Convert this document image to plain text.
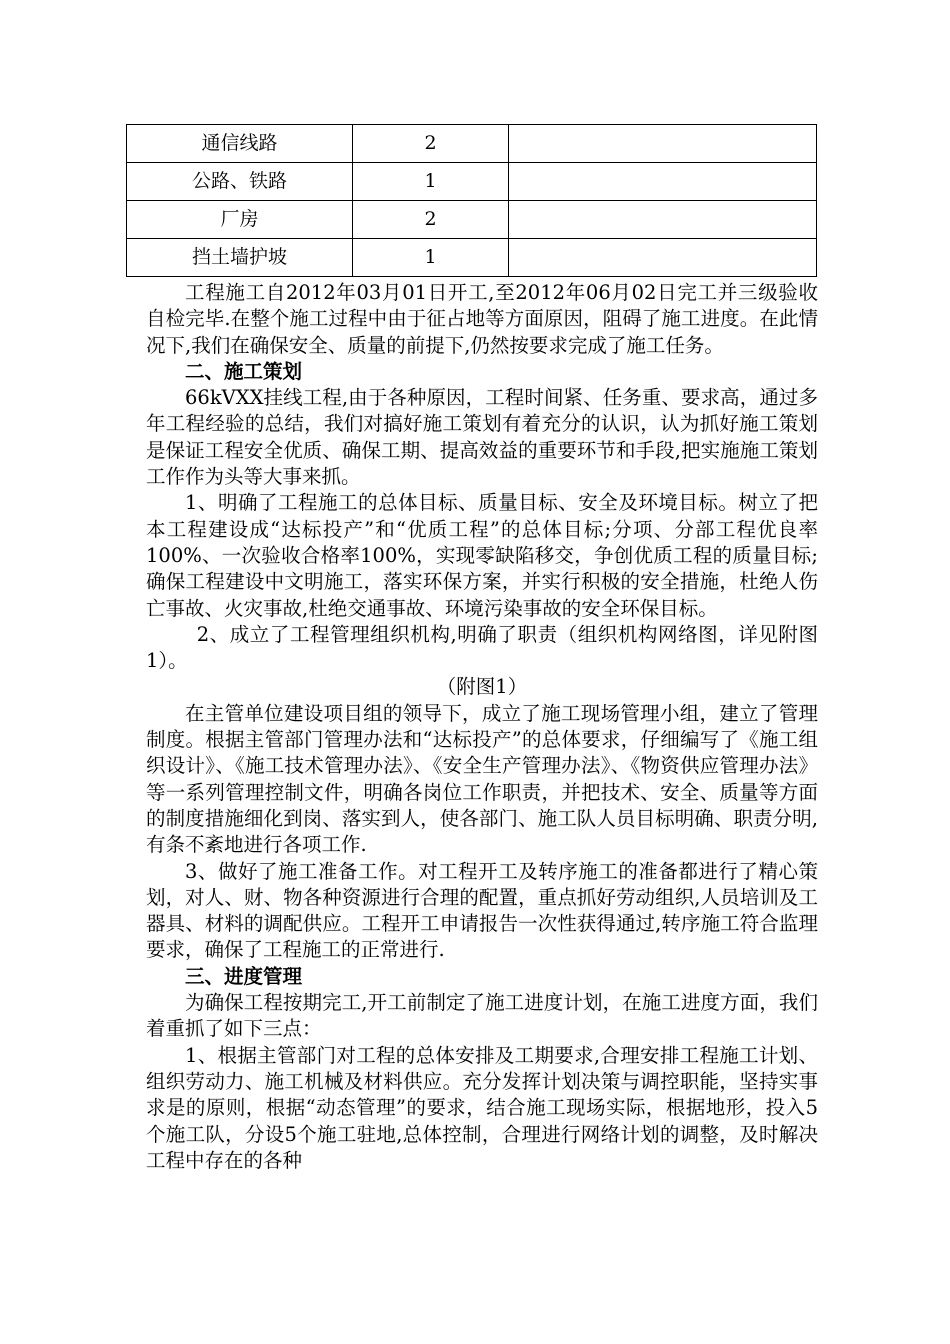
通信线路	2	
公路、铁路	1	
厂房	2	
挡土墙护坡	1	

工程施工自2012年03月01日开工,至2012年06月02日完工并三级验收自检完毕.在整个施工过程中由于征占地等方面原因，阻碍了施工进度。在此情况下,我们在确保安全、质量的前提下,仍然按要求完成了施工任务。

二、施工策划

66kVXX挂线工程,由于各种原因，工程时间紧、任务重、要求高，通过多年工程经验的总结，我们对搞好施工策划有着充分的认识，认为抓好施工策划是保证工程安全优质、确保工期、提高效益的重要环节和手段,把实施施工策划工作作为头等大事来抓。

1、明确了工程施工的总体目标、质量目标、安全及环境目标。树立了把本工程建设成“达标投产”和“优质工程”的总体目标;分项、分部工程优良率100%、一次验收合格率100%，实现零缺陷移交，争创优质工程的质量目标;确保工程建设中文明施工，落实环保方案，并实行积极的安全措施，杜绝人伤亡事故、火灾事故,杜绝交通事故、环境污染事故的安全环保目标。

2、成立了工程管理组织机构,明确了职责（组织机构网络图，详见附图1）。

（附图1）

在主管单位建设项目组的领导下，成立了施工现场管理小组，建立了管理制度。根据主管部门管理办法和“达标投产”的总体要求，仔细编写了《施工组织设计》、《施工技术管理办法》、《安全生产管理办法》、《物资供应管理办法》等一系列管理控制文件，明确各岗位工作职责，并把技术、安全、质量等方面的制度措施细化到岗、落实到人，使各部门、施工队人员目标明确、职责分明,有条不紊地进行各项工作.

3、做好了施工准备工作。对工程开工及转序施工的准备都进行了精心策划，对人、财、物各种资源进行合理的配置，重点抓好劳动组织,人员培训及工器具、材料的调配供应。工程开工申请报告一次性获得通过,转序施工符合监理要求，确保了工程施工的正常进行.

三、进度管理

为确保工程按期完工,开工前制定了施工进度计划，在施工进度方面，我们着重抓了如下三点：

1、根据主管部门对工程的总体安排及工期要求,合理安排工程施工计划、组织劳动力、施工机械及材料供应。充分发挥计划决策与调控职能，坚持实事求是的原则，根据“动态管理”的要求，结合施工现场实际，根据地形，投入5个施工队，分设5个施工驻地,总体控制，合理进行网络计划的调整，及时解决工程中存在的各种
